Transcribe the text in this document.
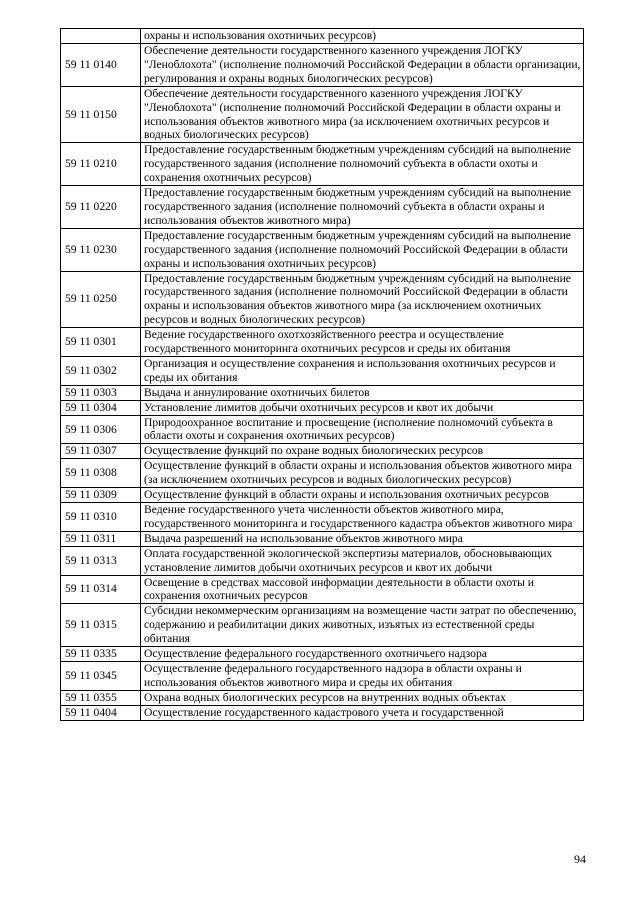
	охраны и использования охотничьих ресурсов)
59 11 0140	Обеспечение деятельности государственного казенного учреждения ЛОГКУ "Леноблохота" (исполнение полномочий Российской Федерации в области организации, регулирования и охраны водных биологических ресурсов)
59 11 0150	Обеспечение деятельности государственного казенного учреждения ЛОГКУ "Леноблохота" (исполнение полномочий Российской Федерации в области охраны и использования объектов животного мира (за исключением охотничьих ресурсов и водных биологических ресурсов)
59 11 0210	Предоставление государственным бюджетным учреждениям субсидий на выполнение государственного задания (исполнение полномочий субъекта в области охоты и сохранения охотничьих ресурсов)
59 11 0220	Предоставление государственным бюджетным учреждениям субсидий на выполнение государственного задания (исполнение полномочий субъекта в области охраны и использования объектов животного мира)
59 11 0230	Предоставление государственным бюджетным учреждениям субсидий на выполнение государственного задания (исполнение полномочий Российской Федерации в области охраны и использования охотничьих ресурсов)
59 11 0250	Предоставление государственным бюджетным учреждениям субсидий на выполнение государственного задания (исполнение полномочий Российской Федерации в области охраны и использования объектов животного мира (за исключением охотничьих ресурсов и водных биологических ресурсов)
59 11 0301	Ведение государственного охотхозяйственного реестра и осуществление государственного мониторинга охотничьих ресурсов и среды их обитания
59 11 0302	Организация и осуществление сохранения и использования охотничьих ресурсов и среды их обитания
59 11 0303	Выдача и аннулирование охотничьих билетов
59 11 0304	Установление лимитов добычи охотничьих ресурсов и квот их добычи
59 11 0306	Природоохранное воспитание и просвещение (исполнение полномочий субъекта в области охоты и сохранения охотничьих ресурсов)
59 11 0307	Осуществление функций по охране водных биологических ресурсов
59 11 0308	Осуществление функций в области охраны и использования объектов животного мира (за исключением охотничьих ресурсов и водных биологических ресурсов)
59 11 0309	Осуществление функций в области охраны и использования охотничьих ресурсов
59 11 0310	Ведение государственного учета численности объектов животного мира, государственного мониторинга и государственного кадастра объектов животного мира
59 11 0311	Выдача разрешений на использование объектов животного мира
59 11 0313	Оплата государственной экологической экспертизы материалов, обосновывающих установление лимитов добычи охотничьих ресурсов и квот их добычи
59 11 0314	Освещение в средствах массовой информации деятельности в области охоты и сохранения охотничьих ресурсов
59 11 0315	Субсидии некоммерческим организациям на возмещение части затрат по обеспечению, содержанию и реабилитации диких животных, изъятых из естественной среды обитания
59 11 0335	Осуществление федерального государственного охотничьего надзора
59 11 0345	Осуществление федерального государственного надзора в области охраны и использования объектов животного мира и среды их обитания
59 11 0355	Охрана водных биологических ресурсов на внутренних водных объектах
59 11 0404	Осуществление государственного кадастрового учета и государственной
94
